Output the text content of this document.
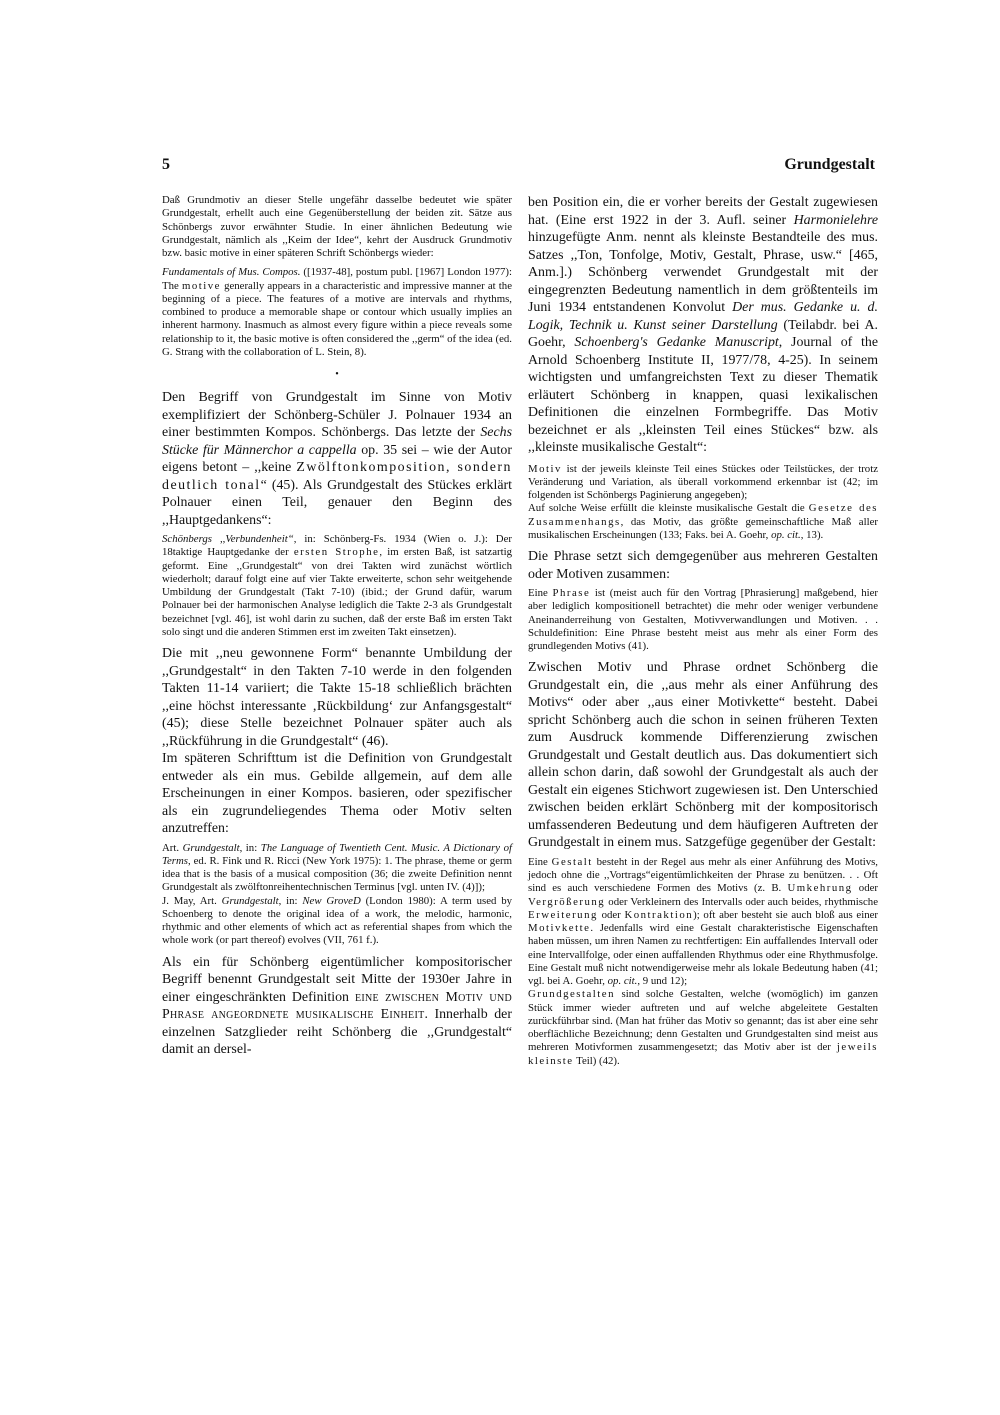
5	Grundgestalt

Daß Grundmotiv an dieser Stelle ungefähr dasselbe bedeutet wie später Grundgestalt, erhellt auch eine Gegenüberstellung der beiden zit. Sätze aus Schönbergs zuvor erwähnter Studie. In einer ähnlichen Bedeutung wie Grundgestalt, nämlich als ,,Keim der Idee“, kehrt der Ausdruck Grundmotiv bzw. basic motive in einer späteren Schrift Schönbergs wieder:

Fundamentals of Mus. Compos. ([1937-48], postum publ. [1967] London 1977): The motive generally appears in a characteristic and impressive manner at the beginning of a piece. The features of a motive are intervals and rhythms, combined to produce a memorable shape or contour which usually implies an inherent harmony. Inasmuch as almost every figure within a piece reveals some relationship to it, the basic motive is often considered the ,,germ“ of the idea (ed. G. Strang with the collaboration of L. Stein, 8).

•

Den Begriff von Grundgestalt im Sinne von Motiv exemplifiziert der Schönberg-Schüler J. Polnauer 1934 an einer bestimmten Kompos. Schönbergs. Das letzte der Sechs Stücke für Männerchor a cappella op. 35 sei – wie der Autor eigens betont – ,,keine Zwölftonkomposition, sondern deutlich tonal“ (45). Als Grundgestalt des Stückes erklärt Polnauer einen Teil, genauer den Beginn des ,,Hauptgedankens“:

Schönbergs ,,Verbundenheit“, in: Schönberg-Fs. 1934 (Wien o. J.): Der 18taktige Hauptgedanke der ersten Strophe, im ersten Baß, ist satzartig geformt. Eine ,,Grundgestalt“ von drei Takten wird zunächst wörtlich wiederholt; darauf folgt eine auf vier Takte erweiterte, schon sehr weitgehende Umbildung der Grundgestalt (Takt 7-10) (ibid.; der Grund dafür, warum Polnauer bei der harmonischen Analyse lediglich die Takte 2-3 als Grundgestalt bezeichnet [vgl. 46], ist wohl darin zu suchen, daß der erste Baß im ersten Takt solo singt und die anderen Stimmen erst im zweiten Takt einsetzen).

Die mit ,,neu gewonnene Form“ benannte Umbildung der ,,Grundgestalt“ in den Takten 7-10 werde in den folgenden Takten 11-14 variiert; die Takte 15-18 schließlich brächten ,,eine höchst interessante ‚Rückbildung‘ zur Anfangsgestalt“ (45); diese Stelle bezeichnet Polnauer später auch als ,,Rückführung in die Grundgestalt“ (46).

Im späteren Schrifttum ist die Definition von Grundgestalt entweder als ein mus. Gebilde allgemein, auf dem alle Erscheinungen in einer Kompos. basieren, oder spezifischer als ein zugrundeliegendes Thema oder Motiv selten anzutreffen:

Art. Grundgestalt, in: The Language of Twentieth Cent. Music. A Dictionary of Terms, ed. R. Fink und R. Ricci (New York 1975): 1. The phrase, theme or germ idea that is the basis of a musical composition (36; die zweite Definition nennt Grundgestalt als zwölftonreihentechnischen Terminus [vgl. unten IV. (4)]);

J. May, Art. Grundgestalt, in: New GroveD (London 1980): A term used by Schoenberg to denote the original idea of a work, the melodic, harmonic, rhythmic and other elements of which act as referential shapes from which the whole work (or part thereof) evolves (VII, 761 f.).

Als ein für Schönberg eigentümlicher kompositorischer Begriff benennt Grundgestalt seit Mitte der 1930er Jahre in einer eingeschränkten Definition eine zwischen Motiv und Phrase angeordnete musikalische Einheit. Innerhalb der einzelnen Satzglieder reiht Schönberg die ,,Grundgestalt“ damit an dersel-

ben Position ein, die er vorher bereits der Gestalt zugewiesen hat. (Eine erst 1922 in der 3. Aufl. seiner Harmonielehre hinzugefügte Anm. nennt als kleinste Bestandteile des mus. Satzes ,,Ton, Tonfolge, Motiv, Gestalt, Phrase, usw.“ [465, Anm.].) Schönberg verwendet Grundgestalt mit der eingegrenzten Bedeutung namentlich in dem größtenteils im Juni 1934 entstandenen Konvolut Der mus. Gedanke u. d. Logik, Technik u. Kunst seiner Darstellung (Teilabdr. bei A. Goehr, Schoenberg's Gedanke Manuscript, Journal of the Arnold Schoenberg Institute II, 1977/78, 4-25). In seinem wichtigsten und umfangreichsten Text zu dieser Thematik erläutert Schönberg in knappen, quasi lexikalischen Definitionen die einzelnen Formbegriffe. Das Motiv bezeichnet er als ,,kleinsten Teil eines Stückes“ bzw. als ,,kleinste musikalische Gestalt“:

Motiv ist der jeweils kleinste Teil eines Stückes oder Teilstückes, der trotz Veränderung und Variation, als überall vorkommend erkennbar ist (42; im folgenden ist Schönbergs Paginierung angegeben);

Auf solche Weise erfüllt die kleinste musikalische Gestalt die Gesetze des Zusammenhangs, das Motiv, das größte gemeinschaftliche Maß aller musikalischen Erscheinungen (133; Faks. bei A. Goehr, op. cit., 13).

Die Phrase setzt sich demgegenüber aus mehreren Gestalten oder Motiven zusammen:

Eine Phrase ist (meist auch für den Vortrag [Phrasierung] maßgebend, hier aber lediglich kompositionell betrachtet) die mehr oder weniger verbundene Aneinanderreihung von Gestalten, Motivverwandlungen und Motiven. . . Schuldefinition: Eine Phrase besteht meist aus mehr als einer Form des grundlegenden Motivs (41).

Zwischen Motiv und Phrase ordnet Schönberg die Grundgestalt ein, die ,,aus mehr als einer Anführung des Motivs“ oder aber ,,aus einer Motivkette“ besteht. Dabei spricht Schönberg auch die schon in seinen früheren Texten zum Ausdruck kommende Differenzierung zwischen Grundgestalt und Gestalt deutlich aus. Das dokumentiert sich allein schon darin, daß sowohl der Grundgestalt als auch der Gestalt ein eigenes Stichwort zugewiesen ist. Den Unterschied zwischen beiden erklärt Schönberg mit der kompositorisch umfassenderen Bedeutung und dem häufigeren Auftreten der Grundgestalt in einem mus. Satzgefüge gegenüber der Gestalt:

Eine Gestalt besteht in der Regel aus mehr als einer Anführung des Motivs, jedoch ohne die ,,Vortrags“eigentümlichkeiten der Phrase zu benützen. . . Oft sind es auch verschiedene Formen des Motivs (z. B. Umkehrung oder Vergrößerung oder Verkleinern des Intervalls oder auch beides, rhythmische Erweiterung oder Kontraktion); oft aber besteht sie auch bloß aus einer Motivkette. Jedenfalls wird eine Gestalt charakteristische Eigenschaften haben müssen, um ihren Namen zu rechtfertigen: Ein auffallendes Intervall oder eine Intervallfolge, oder einen auffallenden Rhythmus oder eine Rhythmusfolge. Eine Gestalt muß nicht notwendigerweise mehr als lokale Bedeutung haben (41; vgl. bei A. Goehr, op. cit., 9 und 12);

Grundgestalten sind solche Gestalten, welche (womöglich) im ganzen Stück immer wieder auftreten und auf welche abgeleitete Gestalten zurückführbar sind. (Man hat früher das Motiv so genannt; das ist aber eine sehr oberflächliche Bezeichnung; denn Gestalten und Grundgestalten sind meist aus mehreren Motivformen zusammengesetzt; das Motiv aber ist der jeweils kleinste Teil) (42).
